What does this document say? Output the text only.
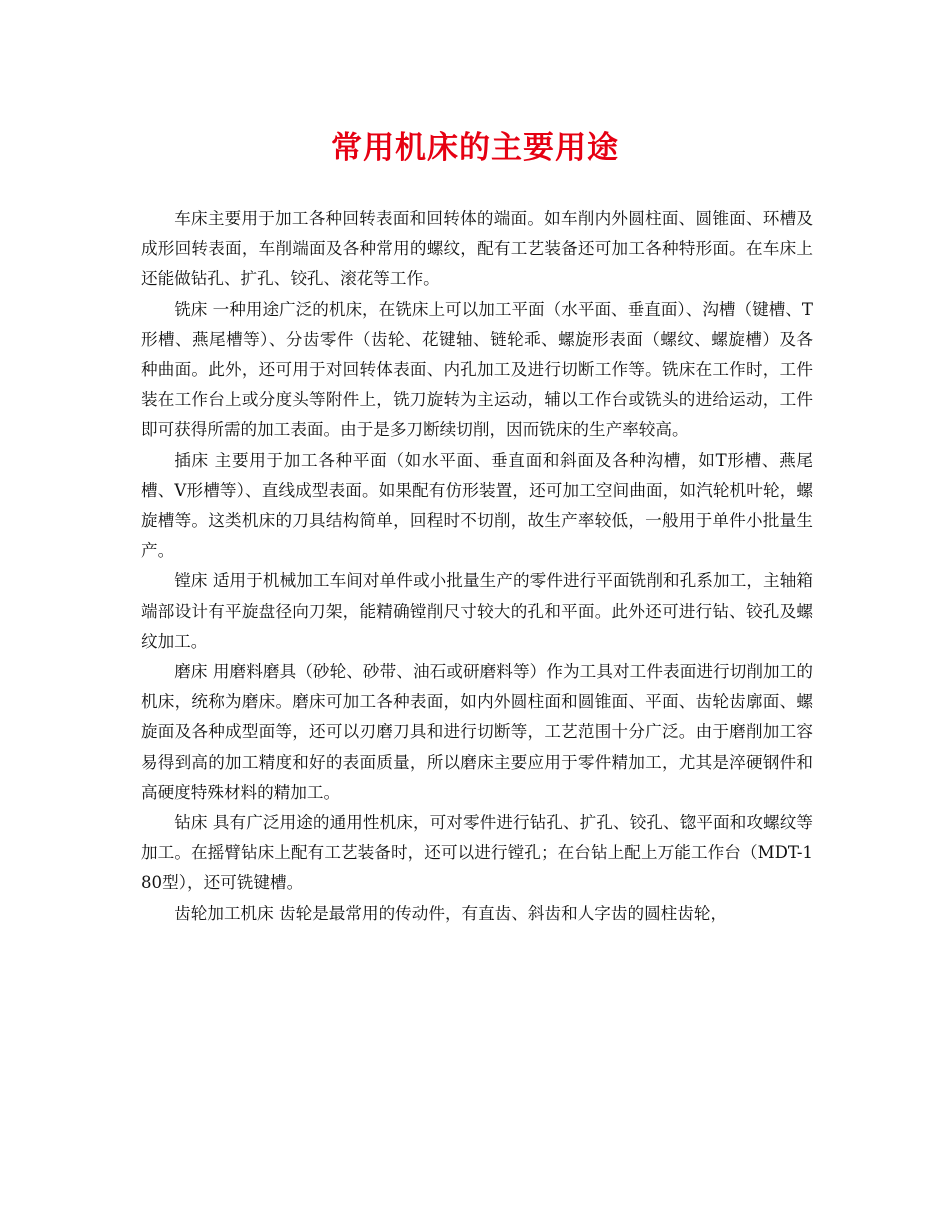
常用机床的主要用途

车床主要用于加工各种回转表面和回转体的端面。如车削内外圆柱面、圆锥面、环槽及成形回转表面，车削端面及各种常用的螺纹，配有工艺装备还可加工各种特形面。在车床上还能做钻孔、扩孔、铰孔、滚花等工作。

铣床 一种用途广泛的机床，在铣床上可以加工平面（水平面、垂直面）、沟槽（键槽、T形槽、燕尾槽等）、分齿零件（齿轮、花键轴、链轮乖、螺旋形表面（螺纹、螺旋槽）及各种曲面。此外，还可用于对回转体表面、内孔加工及进行切断工作等。铣床在工作时，工件装在工作台上或分度头等附件上，铣刀旋转为主运动，辅以工作台或铣头的进给运动，工件即可获得所需的加工表面。由于是多刀断续切削，因而铣床的生产率较高。

插床 主要用于加工各种平面（如水平面、垂直面和斜面及各种沟槽，如T形槽、燕尾槽、V形槽等）、直线成型表面。如果配有仿形装置，还可加工空间曲面，如汽轮机叶轮，螺旋槽等。这类机床的刀具结构简单，回程时不切削，故生产率较低，一般用于单件小批量生产。

镗床 适用于机械加工车间对单件或小批量生产的零件进行平面铣削和孔系加工，主轴箱端部设计有平旋盘径向刀架，能精确镗削尺寸较大的孔和平面。此外还可进行钻、铰孔及螺纹加工。

磨床 用磨料磨具（砂轮、砂带、油石或研磨料等）作为工具对工件表面进行切削加工的机床，统称为磨床。磨床可加工各种表面，如内外圆柱面和圆锥面、平面、齿轮齿廓面、螺旋面及各种成型面等，还可以刃磨刀具和进行切断等，工艺范围十分广泛。由于磨削加工容易得到高的加工精度和好的表面质量，所以磨床主要应用于零件精加工，尤其是淬硬钢件和高硬度特殊材料的精加工。

钻床 具有广泛用途的通用性机床，可对零件进行钻孔、扩孔、铰孔、锪平面和攻螺纹等加工。在摇臂钻床上配有工艺装备时，还可以进行镗孔；在台钻上配上万能工作台（MDT-180型），还可铣键槽。

齿轮加工机床 齿轮是最常用的传动件，有直齿、斜齿和人字齿的圆柱齿轮，
